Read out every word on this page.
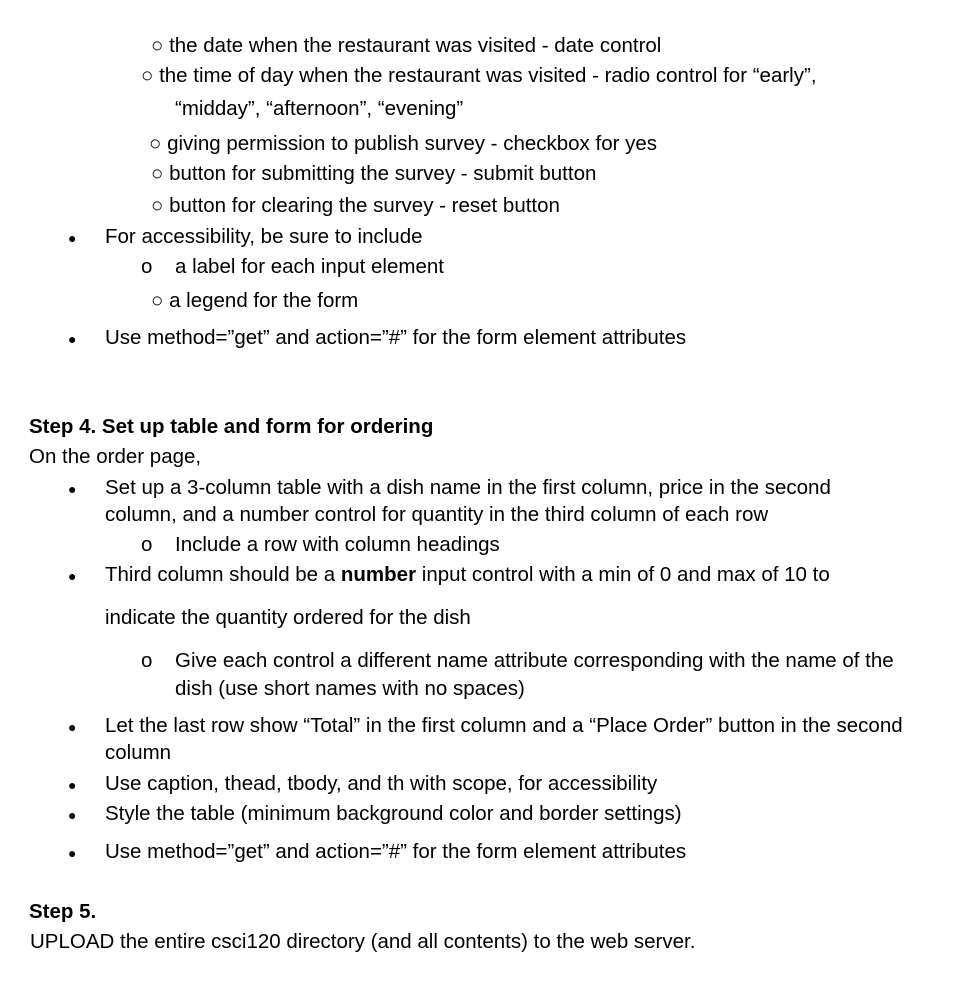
○ the date when the restaurant was visited - date control
○ the time of day when the restaurant was visited - radio control for “early”,
“midday”, “afternoon”, “evening”
○ giving permission to publish survey - checkbox for yes
○ button for submitting the survey - submit button
○ button for clearing the survey - reset button
● For accessibility, be sure to include
o a label for each input element
○ a legend for the form
● Use method=”get” and action=”#” for the form element attributes
Step 4. Set up table and form for ordering
On the order page,
● Set up a 3-column table with a dish name in the first column, price in the second
column, and a number control for quantity in the third column of each row
o Include a row with column headings
● Third column should be a number input control with a min of 0 and max of 10 to
indicate the quantity ordered for the dish
o Give each control a different name attribute corresponding with the name of the
dish (use short names with no spaces)
● Let the last row show “Total” in the first column and a “Place Order” button in the second
column
● Use caption, thead, tbody, and th with scope, for accessibility
● Style the table (minimum background color and border settings)
● Use method=”get” and action=”#” for the form element attributes
Step 5.
UPLOAD the entire csci120 directory (and all contents) to the web server.
